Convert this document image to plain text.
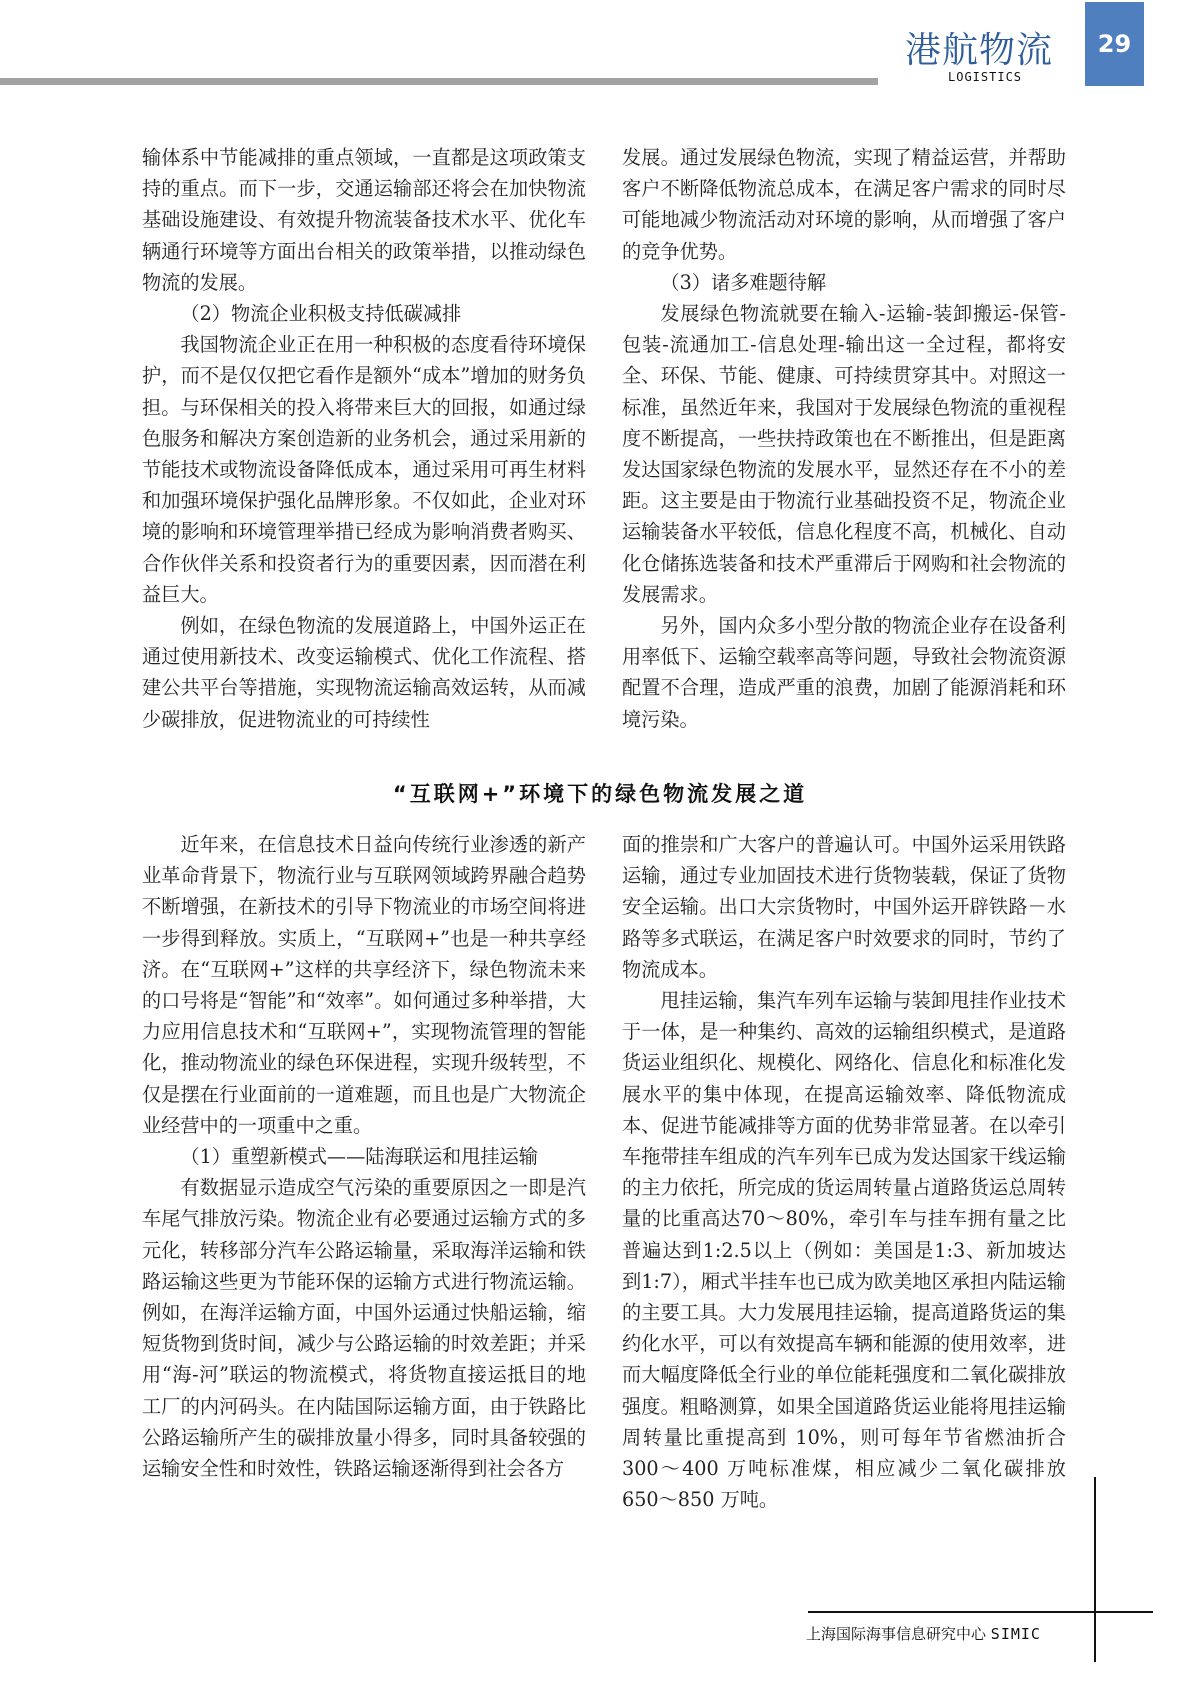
港航物流
LOGISTICS
29

输体系中节能减排的重点领域，一直都是这项政策支持的重点。而下一步，交通运输部还将会在加快物流基础设施建设、有效提升物流装备技术水平、优化车辆通行环境等方面出台相关的政策举措，以推动绿色物流的发展。

（2）物流企业积极支持低碳减排

我国物流企业正在用一种积极的态度看待环境保护，而不是仅仅把它看作是额外“成本”增加的财务负担。与环保相关的投入将带来巨大的回报，如通过绿色服务和解决方案创造新的业务机会，通过采用新的节能技术或物流设备降低成本，通过采用可再生材料和加强环境保护强化品牌形象。不仅如此，企业对环境的影响和环境管理举措已经成为影响消费者购买、合作伙伴关系和投资者行为的重要因素，因而潜在利益巨大。

例如，在绿色物流的发展道路上，中国外运正在通过使用新技术、改变运输模式、优化工作流程、搭建公共平台等措施，实现物流运输高效运转，从而减少碳排放，促进物流业的可持续性

发展。通过发展绿色物流，实现了精益运营，并帮助客户不断降低物流总成本，在满足客户需求的同时尽可能地减少物流活动对环境的影响，从而增强了客户的竞争优势。

（3）诸多难题待解

发展绿色物流就要在输入-运输-装卸搬运-保管-包装-流通加工-信息处理-输出这一全过程，都将安全、环保、节能、健康、可持续贯穿其中。对照这一标准，虽然近年来，我国对于发展绿色物流的重视程度不断提高，一些扶持政策也在不断推出，但是距离发达国家绿色物流的发展水平，显然还存在不小的差距。这主要是由于物流行业基础投资不足，物流企业运输装备水平较低，信息化程度不高，机械化、自动化仓储拣选装备和技术严重滞后于网购和社会物流的发展需求。

另外，国内众多小型分散的物流企业存在设备利用率低下、运输空载率高等问题，导致社会物流资源配置不合理，造成严重的浪费，加剧了能源消耗和环境污染。

“互联网+”环境下的绿色物流发展之道

近年来，在信息技术日益向传统行业渗透的新产业革命背景下，物流行业与互联网领域跨界融合趋势不断增强，在新技术的引导下物流业的市场空间将进一步得到释放。实质上，“互联网+”也是一种共享经济。在“互联网+”这样的共享经济下，绿色物流未来的口号将是“智能”和“效率”。如何通过多种举措，大力应用信息技术和“互联网+”，实现物流管理的智能化，推动物流业的绿色环保进程，实现升级转型，不仅是摆在行业面前的一道难题，而且也是广大物流企业经营中的一项重中之重。

（1）重塑新模式——陆海联运和甩挂运输

有数据显示造成空气污染的重要原因之一即是汽车尾气排放污染。物流企业有必要通过运输方式的多元化，转移部分汽车公路运输量，采取海洋运输和铁路运输这些更为节能环保的运输方式进行物流运输。例如，在海洋运输方面，中国外运通过快船运输，缩短货物到货时间，减少与公路运输的时效差距；并采用“海-河”联运的物流模式，将货物直接运抵目的地工厂的内河码头。在内陆国际运输方面，由于铁路比公路运输所产生的碳排放量小得多，同时具备较强的运输安全性和时效性，铁路运输逐渐得到社会各方

面的推崇和广大客户的普遍认可。中国外运采用铁路运输，通过专业加固技术进行货物装载，保证了货物安全运输。出口大宗货物时，中国外运开辟铁路－水路等多式联运，在满足客户时效要求的同时，节约了物流成本。

甩挂运输，集汽车列车运输与装卸甩挂作业技术于一体，是一种集约、高效的运输组织模式，是道路货运业组织化、规模化、网络化、信息化和标准化发展水平的集中体现，在提高运输效率、降低物流成本、促进节能减排等方面的优势非常显著。在以牵引车拖带挂车组成的汽车列车已成为发达国家干线运输的主力依托，所完成的货运周转量占道路货运总周转量的比重高达70～80%，牵引车与挂车拥有量之比普遍达到1:2.5以上（例如：美国是1:3、新加坡达到1:7），厢式半挂车也已成为欧美地区承担内陆运输的主要工具。大力发展甩挂运输，提高道路货运的集约化水平，可以有效提高车辆和能源的使用效率，进而大幅度降低全行业的单位能耗强度和二氧化碳排放强度。粗略测算，如果全国道路货运业能将甩挂运输周转量比重提高到 10%，则可每年节省燃油折合 300～400 万吨标准煤，相应减少二氧化碳排放 650～850 万吨。

上海国际海事信息研究中心 SIMIC
